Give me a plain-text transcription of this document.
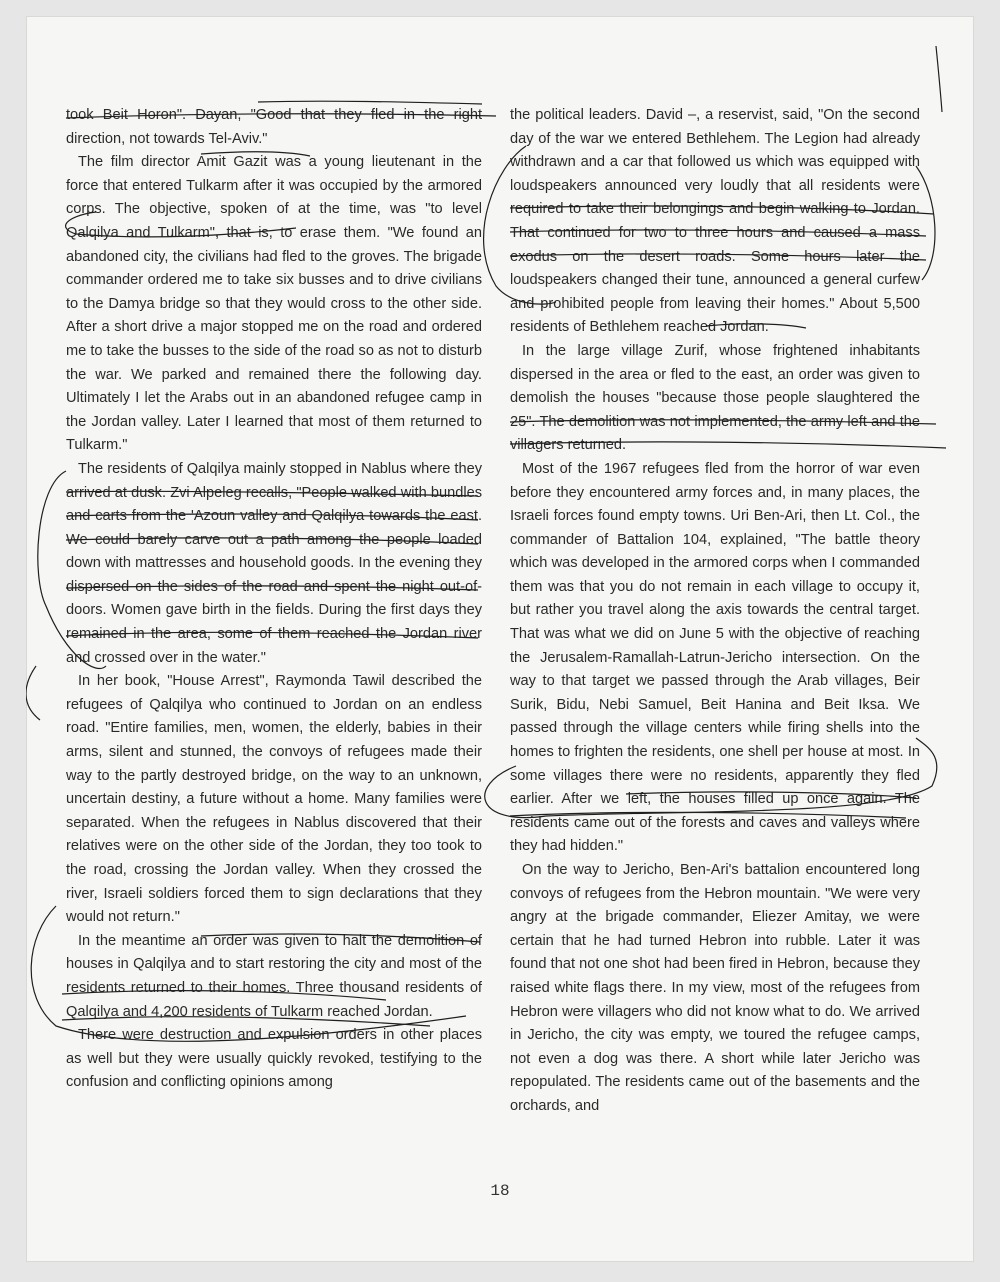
took Beit Horon". Dayan, "Good that they fled in the right direction, not towards Tel-Aviv."

The film director Amit Gazit was a young lieutenant in the force that entered Tulkarm after it was occupied by the armored corps. The objective, spoken of at the time, was "to level Qalqilya and Tulkarm", that is, to erase them. "We found an abandoned city, the civilians had fled to the groves. The brigade commander ordered me to take six busses and to drive civilians to the Damya bridge so that they would cross to the other side. After a short drive a major stopped me on the road and ordered me to take the busses to the side of the road so as not to disturb the war. We parked and remained there the following day. Ultimately I let the Arabs out in an abandoned refugee camp in the Jordan valley. Later I learned that most of them returned to Tulkarm."

The residents of Qalqilya mainly stopped in Nablus where they arrived at dusk. Zvi Alpeleg recalls, "People walked with bundles and carts from the 'Azoun valley and Qalqilya towards the east. We could barely carve out a path among the people loaded down with mattresses and household goods. In the evening they dispersed on the sides of the road and spent the night out-of-doors. Women gave birth in the fields. During the first days they remained in the area, some of them reached the Jordan river and crossed over in the water."

In her book, "House Arrest", Raymonda Tawil described the refugees of Qalqilya who continued to Jordan on an endless road. "Entire families, men, women, the elderly, babies in their arms, silent and stunned, the convoys of refugees made their way to the partly destroyed bridge, on the way to an unknown, uncertain destiny, a future without a home. Many families were separated. When the refugees in Nablus discovered that their relatives were on the other side of the Jordan, they too took to the road, crossing the Jordan valley. When they crossed the river, Israeli soldiers forced them to sign declarations that they would not return."

In the meantime an order was given to halt the demolition of houses in Qalqilya and to start restoring the city and most of the residents returned to their homes. Three thousand residents of Qalqilya and 4,200 residents of Tulkarm reached Jordan.

There were destruction and expulsion orders in other places as well but they were usually quickly revoked, testifying to the confusion and conflicting opinions among

the political leaders. David –, a reservist, said, "On the second day of the war we entered Bethlehem. The Legion had already withdrawn and a car that followed us which was equipped with loudspeakers announced very loudly that all residents were required to take their belongings and begin walking to Jordan. That continued for two to three hours and caused a mass exodus on the desert roads. Some hours later the loudspeakers changed their tune, announced a general curfew and prohibited people from leaving their homes." About 5,500 residents of Bethlehem reached Jordan.

In the large village Zurif, whose frightened inhabitants dispersed in the area or fled to the east, an order was given to demolish the houses "because those people slaughtered the 25". The demolition was not implemented, the army left and the villagers returned.

Most of the 1967 refugees fled from the horror of war even before they encountered army forces and, in many places, the Israeli forces found empty towns. Uri Ben-Ari, then Lt. Col., the commander of Battalion 104, explained, "The battle theory which was developed in the armored corps when I commanded them was that you do not remain in each village to occupy it, but rather you travel along the axis towards the central target. That was what we did on June 5 with the objective of reaching the Jerusalem-Ramallah-Latrun-Jericho intersection. On the way to that target we passed through the Arab villages, Beir Surik, Bidu, Nebi Samuel, Beit Hanina and Beit Iksa. We passed through the village centers while firing shells into the homes to frighten the residents, one shell per house at most. In some villages there were no residents, apparently they fled earlier. After we left, the houses filled up once again. The residents came out of the forests and caves and valleys where they had hidden."

On the way to Jericho, Ben-Ari's battalion encountered long convoys of refugees from the Hebron mountain. "We were very angry at the brigade commander, Eliezer Amitay, we were certain that he had turned Hebron into rubble. Later it was found that not one shot had been fired in Hebron, because they raised white flags there. In my view, most of the refugees from Hebron were villagers who did not know what to do. We arrived in Jericho, the city was empty, we toured the refugee camps, not even a dog was there. A short while later Jericho was repopulated. The residents came out of the basements and the orchards, and

18
